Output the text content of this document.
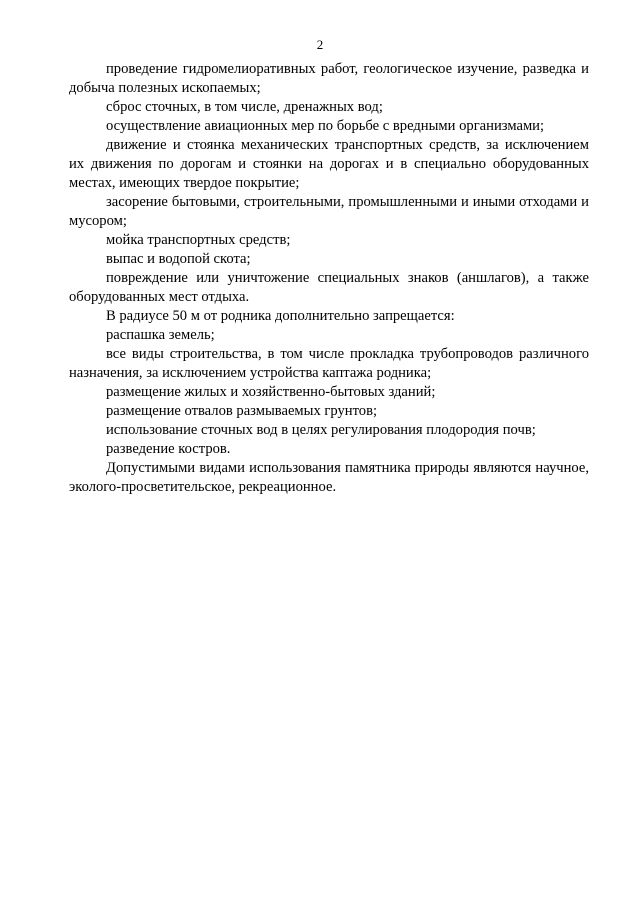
2

проведение гидромелиоративных работ, геологическое изучение, разведка и добыча полезных ископаемых;

сброс сточных, в том числе, дренажных вод;

осуществление авиационных мер по борьбе с вредными организмами;

движение и стоянка механических транспортных средств, за исключением их движения по дорогам и стоянки на дорогах и в специально оборудованных местах, имеющих твердое покрытие;

засорение бытовыми, строительными, промышленными и иными отходами и мусором;

мойка транспортных средств;

выпас и водопой скота;

повреждение или уничтожение специальных знаков (аншлагов), а также оборудованных мест отдыха.

В радиусе 50 м от родника дополнительно запрещается:

распашка земель;

все виды строительства, в том числе прокладка трубопроводов различного назначения, за исключением устройства каптажа родника;

размещение жилых и хозяйственно-бытовых зданий;

размещение отвалов размываемых грунтов;

использование сточных вод в целях регулирования плодородия почв;

разведение костров.

Допустимыми видами использования памятника природы являются научное, эколого-просветительское, рекреационное.
